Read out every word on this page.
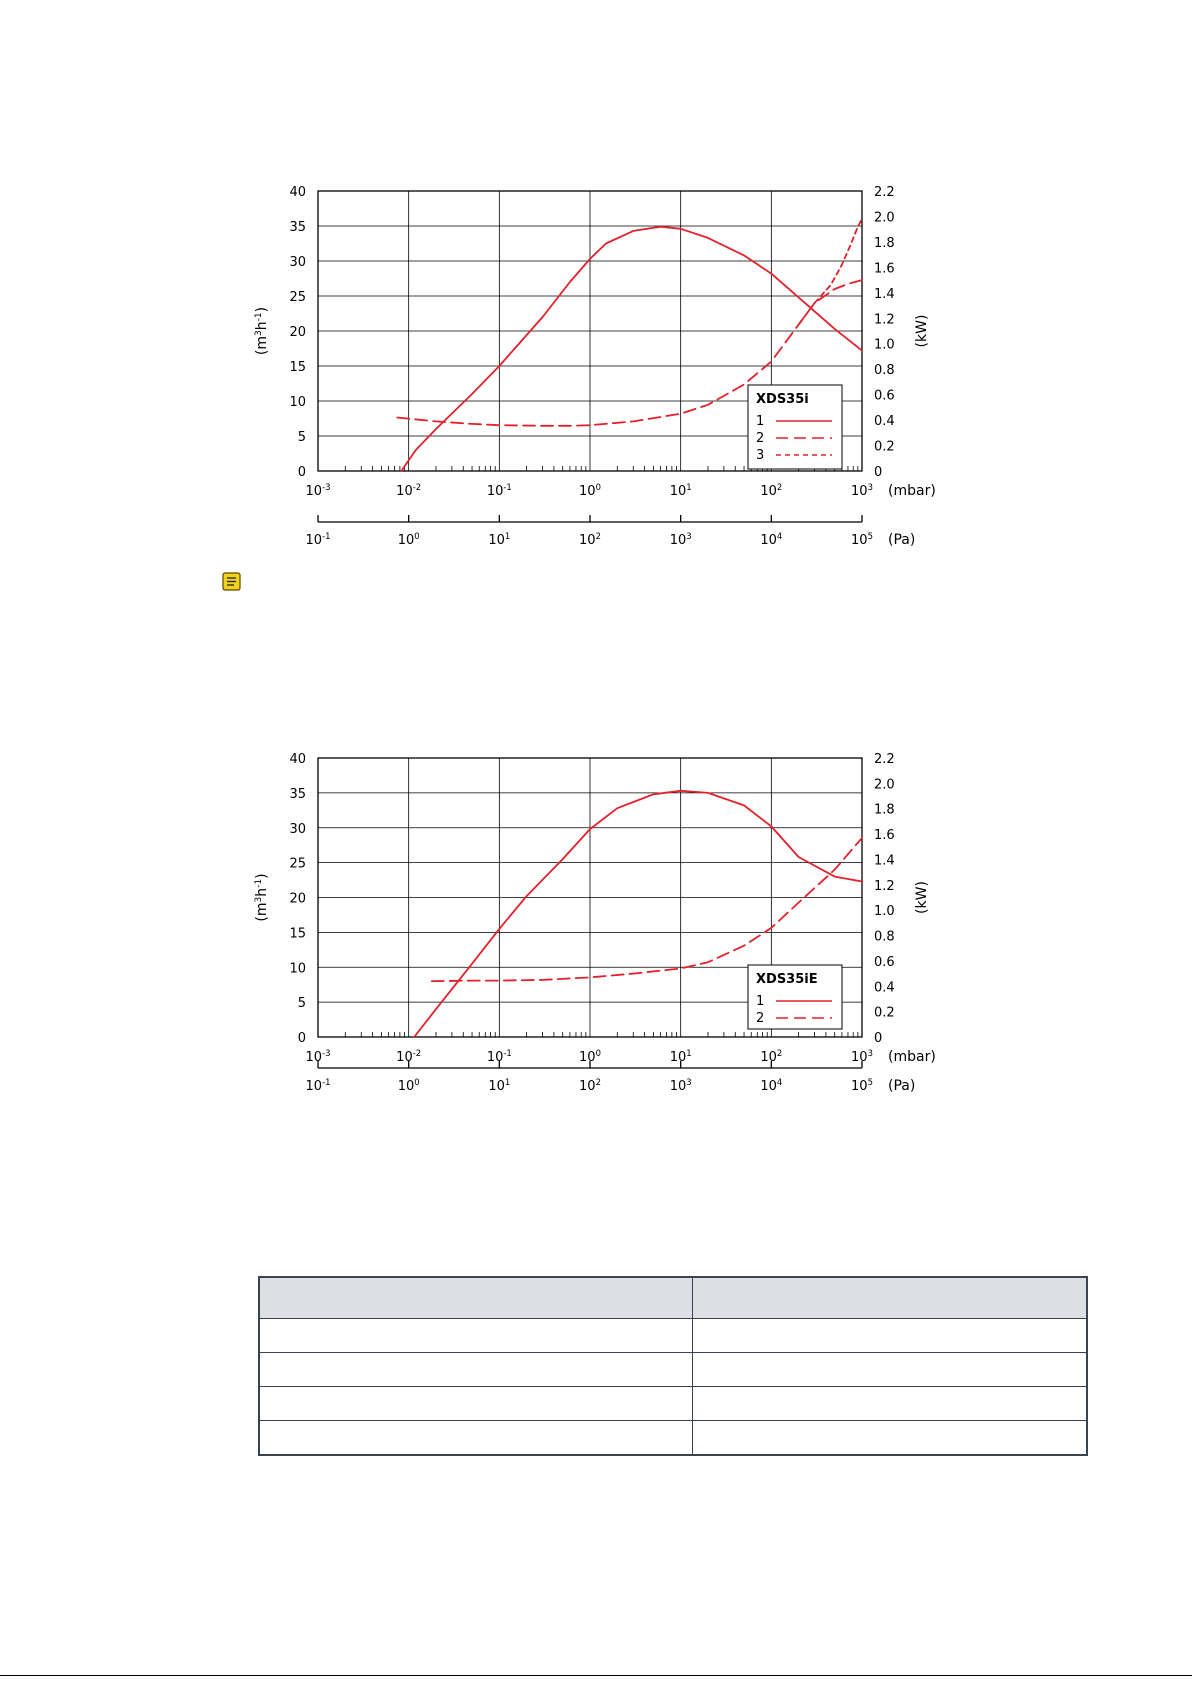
0
5
10
15
20
25
30
35
40
0
0.2
0.4
0.6
0.8
1.0
1.2
1.4
1.6
1.8
2.0
2.2
$10^{-3}$	$10^{-2}$	$10^{-1}$	$10^0$	$10^1$	$10^2$	$10^3$ (mbar)
$10^{-1}$	$10^0$	$10^1$	$10^2$	$10^3$	$10^4$	$10^5$ (Pa)
$(m^3h^{-1})$
(kW)
XDS35i
1
2
3
0
5
10
15
20
25
30
35
40
0
0.2
0.4
0.6
0.8
1.0
1.2
1.4
1.6
1.8
2.0
2.2
$10^{-3}$	$10^{-2}$	$10^{-1}$	$10^0$	$10^1$	$10^2$	$10^3$ (mbar)
$10^{-1}$	$10^0$	$10^1$	$10^2$	$10^3$	$10^4$	$10^5$ (Pa)
$(m^3h^{-1})$
(kW)
XDS35iE
1
2
